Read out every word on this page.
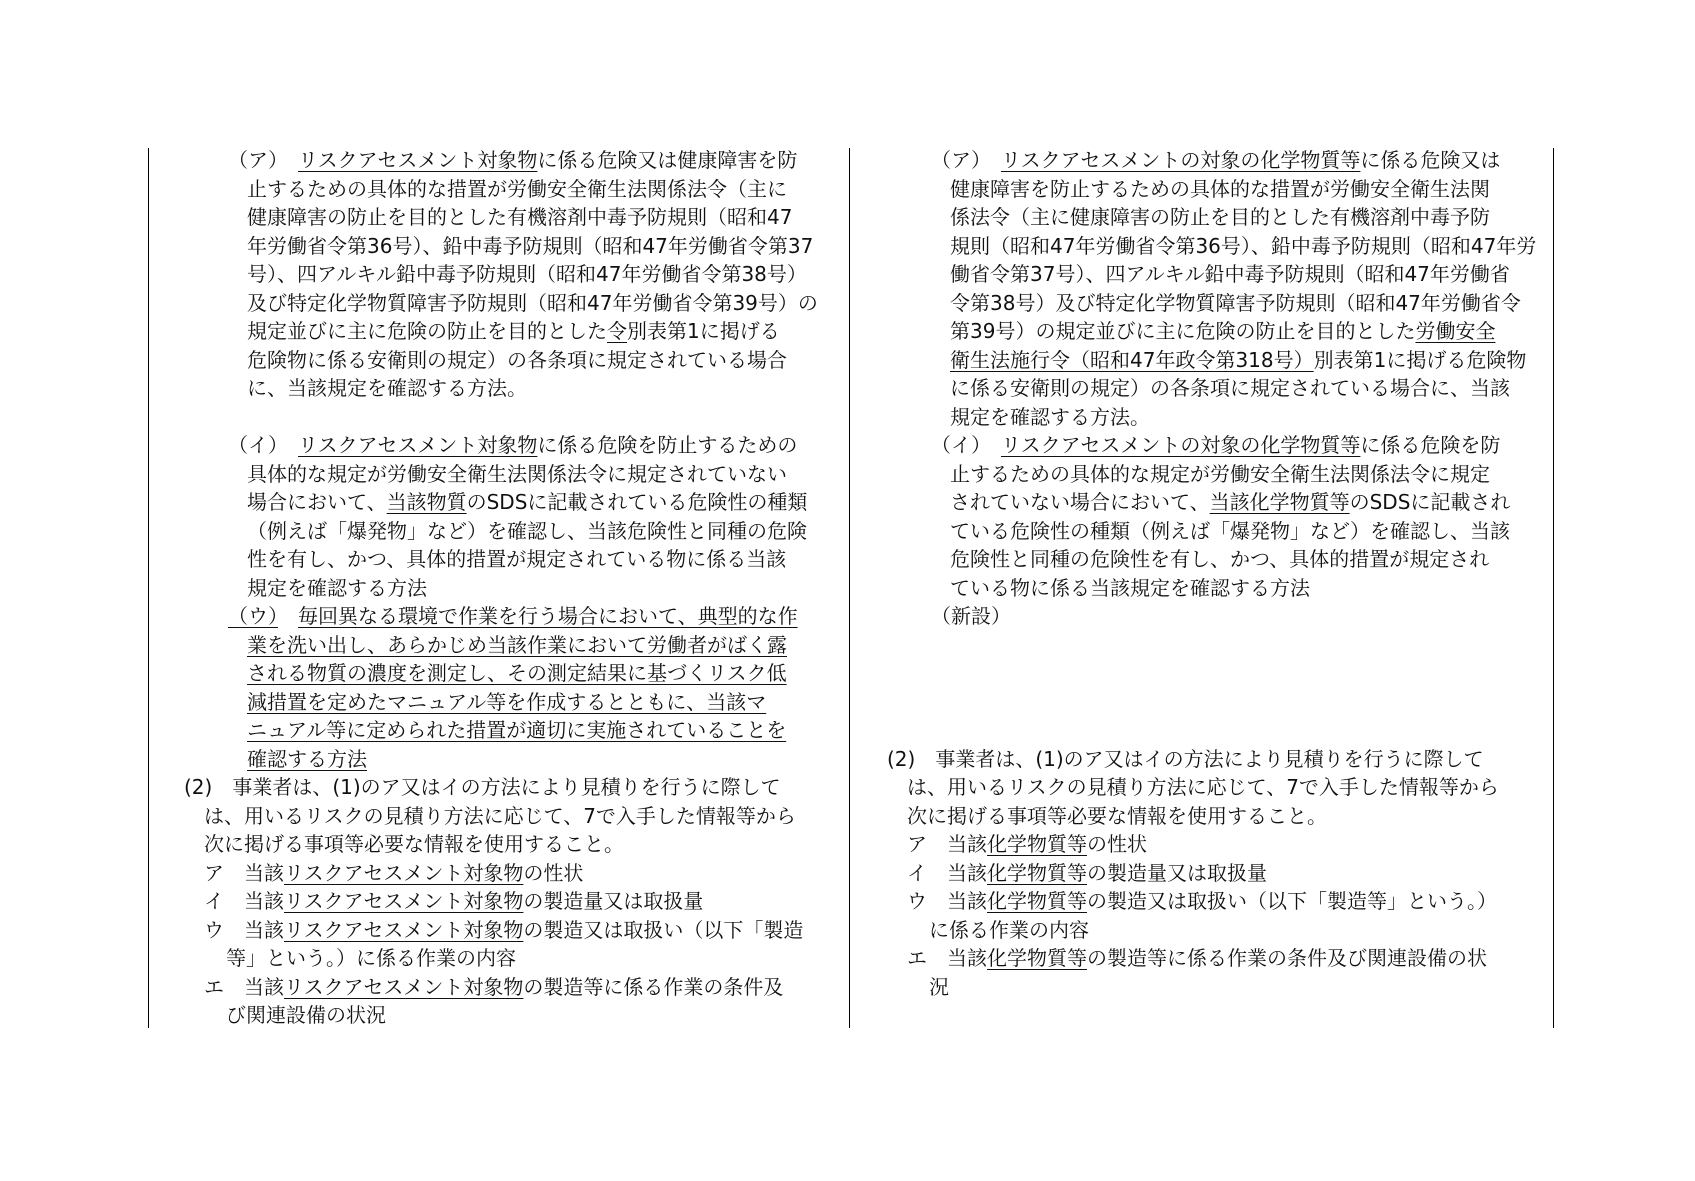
（ア）　 リスクアセスメント対象物に係る危険又は健康障害を防
止するための具体的な措置が労働安全衛生法関係法令（主に
健康障害の防止を目的とした有機溶剤中毒予防規則（昭和47
年労働省令第36号）、鉛中毒予防規則（昭和47年労働省令第37
号）、四アルキル鉛中毒予防規則（昭和47年労働省令第38号）
及び特定化学物質障害予防規則（昭和47年労働省令第39号）の
規定並びに主に危険の防止を目的とした令別表第1に掲げる
危険物に係る安衛則の規定）の各条項に規定されている場合
に、当該規定を確認する方法。
（イ）　 リスクアセスメント対象物に係る危険を防止するための
具体的な規定が労働安全衛生法関係法令に規定されていない
場合において、当該物質のSDSに記載されている危険性の種類
（例えば「爆発物」など）を確認し、当該危険性と同種の危険
性を有し、かつ、具体的措置が規定されている物に係る当該
規定を確認する方法
（ウ）　 毎回異なる環境で作業を行う場合において、典型的な作
業を洗い出し、あらかじめ当該作業において労働者がばく露
される物質の濃度を測定し、その測定結果に基づくリスク低
減措置を定めたマニュアル等を作成するとともに、当該マ
ニュアル等に定められた措置が適切に実施されていることを
確認する方法
(2)　事業者は、(1)のア又はイの方法により見積りを行うに際して
は、用いるリスクの見積り方法に応じて、7で入手した情報等から
次に掲げる事項等必要な情報を使用すること。
ア　当該リスクアセスメント対象物の性状
イ　当該リスクアセスメント対象物の製造量又は取扱量
ウ　当該リスクアセスメント対象物の製造又は取扱い（以下「製造
等」という。）に係る作業の内容
エ　当該リスクアセスメント対象物の製造等に係る作業の条件及
び関連設備の状況
（ア）　 リスクアセスメントの対象の化学物質等に係る危険又は
健康障害を防止するための具体的な措置が労働安全衛生法関
係法令（主に健康障害の防止を目的とした有機溶剤中毒予防
規則（昭和47年労働省令第36号）、鉛中毒予防規則（昭和47年労
働省令第37号）、四アルキル鉛中毒予防規則（昭和47年労働省
令第38号）及び特定化学物質障害予防規則（昭和47年労働省令
第39号）の規定並びに主に危険の防止を目的とした労働安全
衛生法施行令（昭和47年政令第318号）別表第1に掲げる危険物
に係る安衛則の規定）の各条項に規定されている場合に、当該
規定を確認する方法。
（イ）　 リスクアセスメントの対象の化学物質等に係る危険を防
止するための具体的な規定が労働安全衛生法関係法令に規定
されていない場合において、当該化学物質等のSDSに記載され
ている危険性の種類（例えば「爆発物」など）を確認し、当該
危険性と同種の危険性を有し、かつ、具体的措置が規定され
ている物に係る当該規定を確認する方法
（新設）
(2)　事業者は、(1)のア又はイの方法により見積りを行うに際して
は、用いるリスクの見積り方法に応じて、7で入手した情報等から
次に掲げる事項等必要な情報を使用すること。
ア　当該化学物質等の性状
イ　当該化学物質等の製造量又は取扱量
ウ　当該化学物質等の製造又は取扱い（以下「製造等」という。）
に係る作業の内容
エ　当該化学物質等の製造等に係る作業の条件及び関連設備の状
況
